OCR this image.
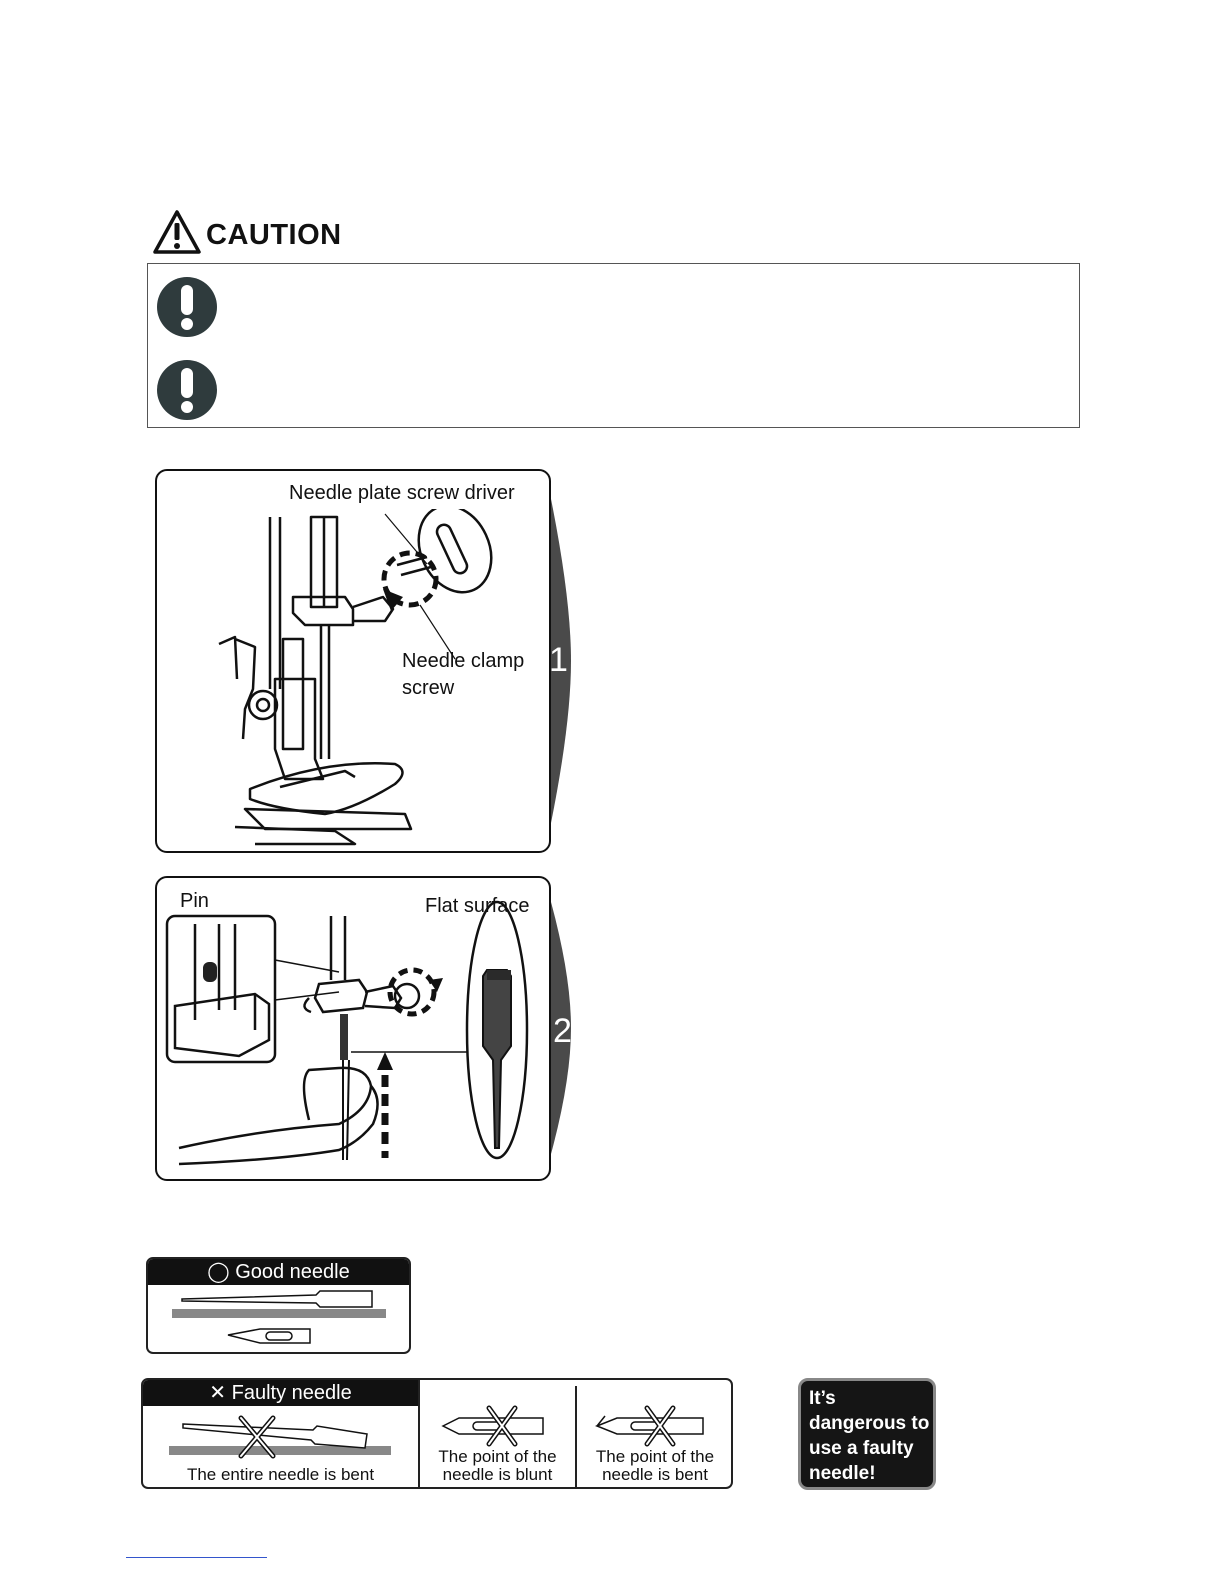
CAUTION
1
Needle plate screw driver
Needle clamp
screw
2
Pin	Flat surface
◯ Good needle
✕ Faulty needle
The entire needle is bent
The point of the
needle is blunt
The point of the
needle is bent
It’s
dangerous to
use a faulty
needle!
